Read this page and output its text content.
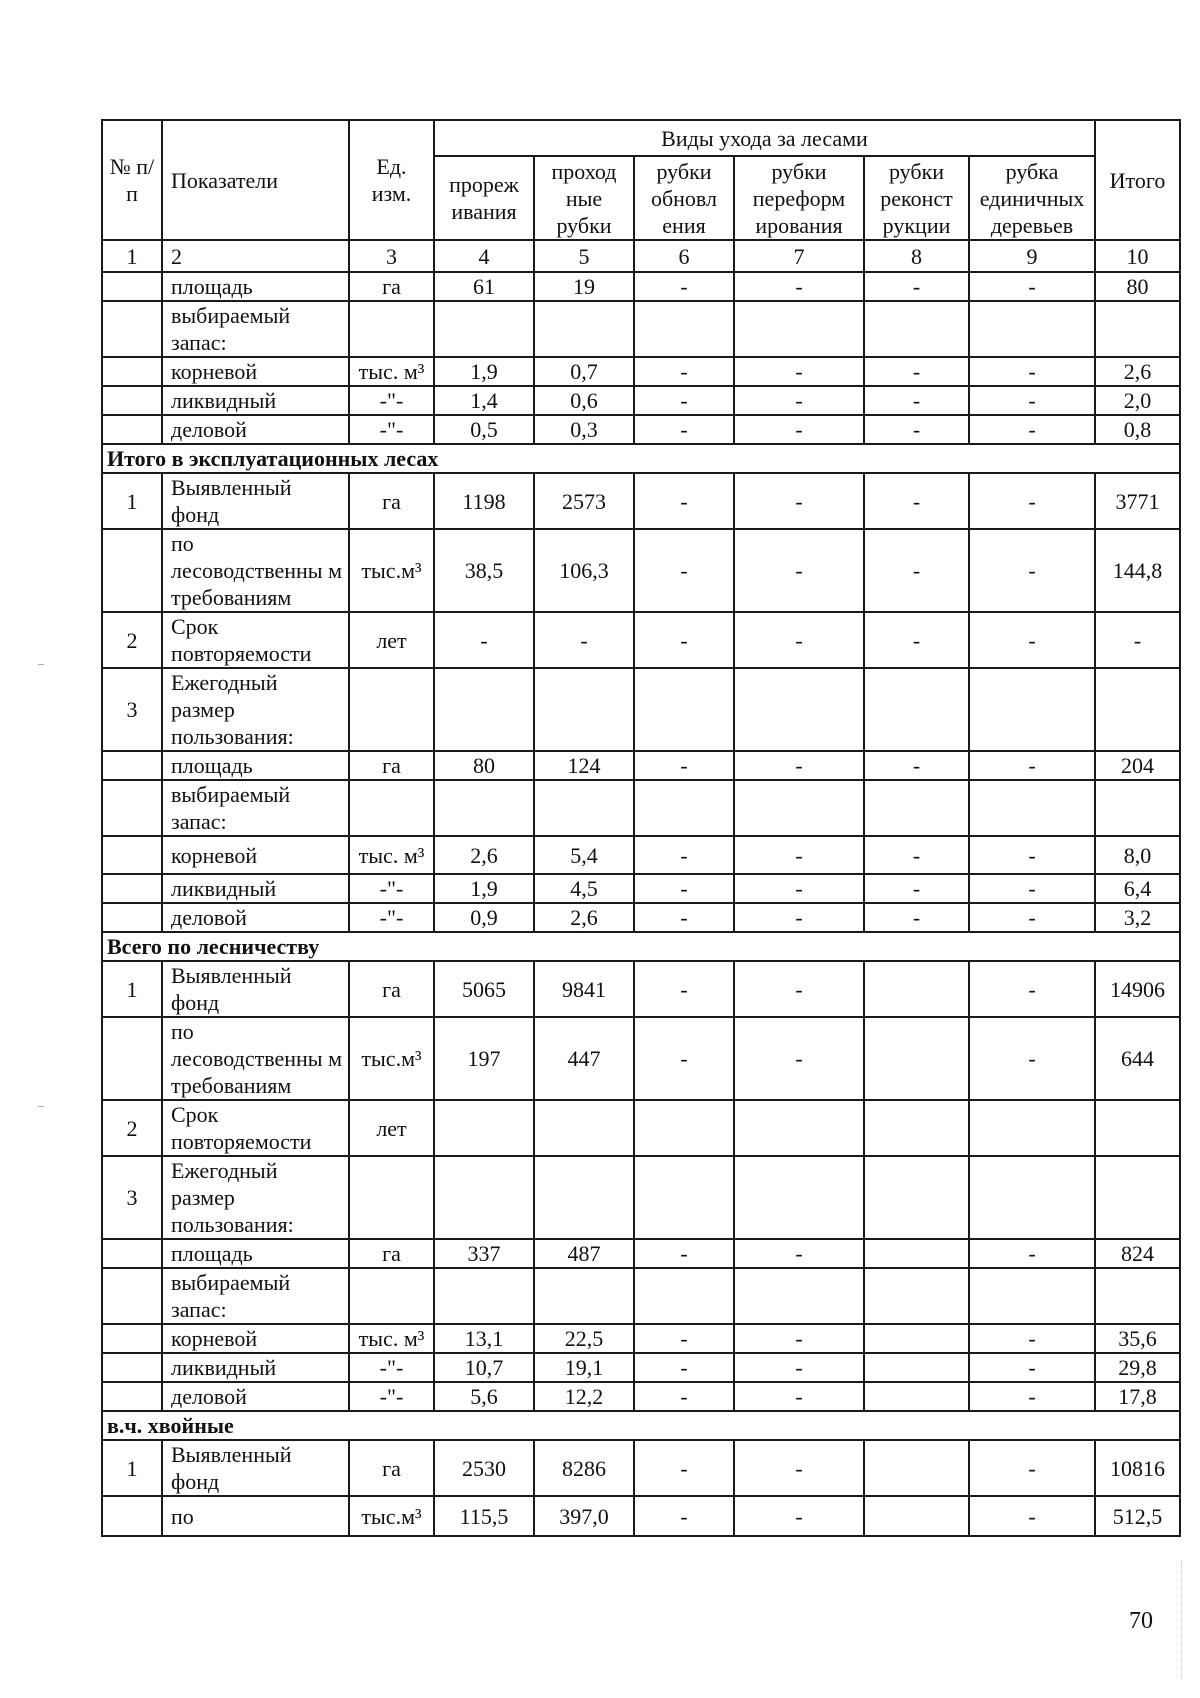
№ п/п	Показатели	Ед. изм.	Виды ухода за лесами						Итого
			прореж ивания	проход ные рубки	рубки обновл ения	рубки переформ ирования	рубки реконст рукции	рубка единичных деревьев	
1	2	3	4	5	6	7	8	9	10
	площадь	га	61	19	-	-	-	-	80
	выбираемый запас:								
	корневой	тыс. м³	1,9	0,7	-	-	-	-	2,6
	ликвидный	-"-	1,4	0,6	-	-	-	-	2,0
	деловой	-"-	0,5	0,3	-	-	-	-	0,8
Итого в эксплуатационных лесах									
1	Выявленный фонд	га	1198	2573	-	-	-	-	3771
	по лесоводственны м требованиям	тыс.м³	38,5	106,3	-	-	-	-	144,8
2	Срок повторяемости	лет	-	-	-	-	-	-	-
3	Ежегодный размер пользования:								
	площадь	га	80	124	-	-	-	-	204
	выбираемый запас:								
	корневой	тыс. м³	2,6	5,4	-	-	-	-	8,0
	ликвидный	-"-	1,9	4,5	-	-	-	-	6,4
	деловой	-"-	0,9	2,6	-	-	-	-	3,2
Всего по лесничеству									
1	Выявленный фонд	га	5065	9841	-	-		-	14906
	по лесоводственны м требованиям	тыс.м³	197	447	-	-		-	644
2	Срок повторяемости	лет							
3	Ежегодный размер пользования:								
	площадь	га	337	487	-	-		-	824
	выбираемый запас:								
	корневой	тыс. м³	13,1	22,5	-	-		-	35,6
	ликвидный	-"-	10,7	19,1	-	-		-	29,8
	деловой	-"-	5,6	12,2	-	-		-	17,8
в.ч. хвойные									
1	Выявленный фонд	га	2530	8286	-	-		-	10816
	по	тыс.м³	115,5	397,0	-	-		-	512,5
70
